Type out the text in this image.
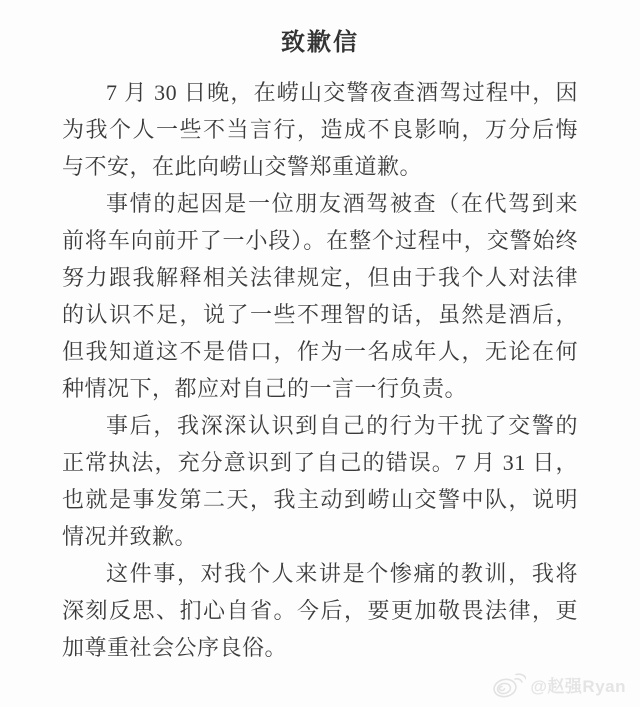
致歉信

7 月 30 日晚，在崂山交警夜查酒驾过程中，因为我个人一些不当言行，造成不良影响，万分后悔与不安，在此向崂山交警郑重道歉。

事情的起因是一位朋友酒驾被查（在代驾到来前将车向前开了一小段）。在整个过程中，交警始终努力跟我解释相关法律规定，但由于我个人对法律的认识不足，说了一些不理智的话，虽然是酒后，但我知道这不是借口，作为一名成年人，无论在何种情况下，都应对自己的一言一行负责。

事后，我深深认识到自己的行为干扰了交警的正常执法，充分意识到了自己的错误。7 月 31 日，也就是事发第二天，我主动到崂山交警中队，说明情况并致歉。

这件事，对我个人来讲是个惨痛的教训，我将深刻反思、扪心自省。今后，要更加敬畏法律，更加尊重社会公序良俗。

@赵强Ryan
